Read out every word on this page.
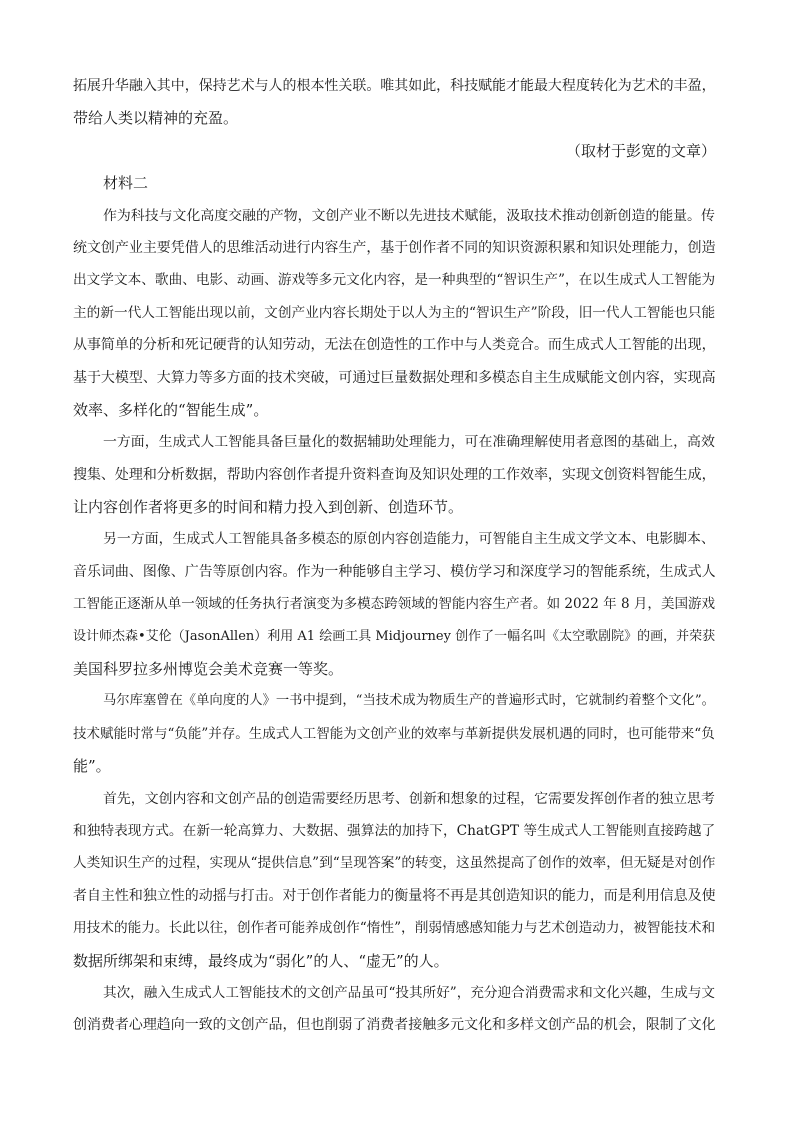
拓展升华融入其中，保持艺术与人的根本性关联。唯其如此，科技赋能才能最大程度转化为艺术的丰盈，
带给人类以精神的充盈。
（取材于彭宽的文章）
材料二
作为科技与文化高度交融的产物，文创产业不断以先进技术赋能，汲取技术推动创新创造的能量。传
统文创产业主要凭借人的思维活动进行内容生产，基于创作者不同的知识资源积累和知识处理能力，创造
出文学文本、歌曲、电影、动画、游戏等多元文化内容，是一种典型的“智识生产”，在以生成式人工智能为
主的新一代人工智能出现以前，文创产业内容长期处于以人为主的“智识生产”阶段，旧一代人工智能也只能
从事简单的分析和死记硬背的认知劳动，无法在创造性的工作中与人类竞合。而生成式人工智能的出现，
基于大模型、大算力等多方面的技术突破，可通过巨量数据处理和多模态自主生成赋能文创内容，实现高
效率、多样化的“智能生成”。
一方面，生成式人工智能具备巨量化的数据辅助处理能力，可在准确理解使用者意图的基础上，高效
搜集、处理和分析数据，帮助内容创作者提升资料查询及知识处理的工作效率，实现文创资料智能生成，
让内容创作者将更多的时间和精力投入到创新、创造环节。
另一方面，生成式人工智能具备多模态的原创内容创造能力，可智能自主生成文学文本、电影脚本、
音乐词曲、图像、广告等原创内容。作为一种能够自主学习、模仿学习和深度学习的智能系统，生成式人
工智能正逐渐从单一领域的任务执行者演变为多模态跨领域的智能内容生产者。如 2022 年 8 月，美国游戏
设计师杰森•艾伦（JasonAllen）利用 A1 绘画工具 Midjourney 创作了一幅名叫《太空歌剧院》的画，并荣获
美国科罗拉多州博览会美术竞赛一等奖。
马尔库塞曾在《单向度的人》一书中提到，“当技术成为物质生产的普遍形式时，它就制约着整个文化”。
技术赋能时常与“负能”并存。生成式人工智能为文创产业的效率与革新提供发展机遇的同时，也可能带来“负
能”。
首先，文创内容和文创产品的创造需要经历思考、创新和想象的过程，它需要发挥创作者的独立思考
和独特表现方式。在新一轮高算力、大数据、强算法的加持下，ChatGPT 等生成式人工智能则直接跨越了
人类知识生产的过程，实现从“提供信息”到“呈现答案”的转变，这虽然提高了创作的效率，但无疑是对创作
者自主性和独立性的动摇与打击。对于创作者能力的衡量将不再是其创造知识的能力，而是利用信息及使
用技术的能力。长此以往，创作者可能养成创作“惰性”，削弱情感感知能力与艺术创造动力，被智能技术和
数据所绑架和束缚，最终成为“弱化”的人、“虚无”的人。
其次，融入生成式人工智能技术的文创产品虽可“投其所好”，充分迎合消费需求和文化兴趣，生成与文
创消费者心理趋向一致的文创产品，但也削弱了消费者接触多元文化和多样文创产品的机会，限制了文化
